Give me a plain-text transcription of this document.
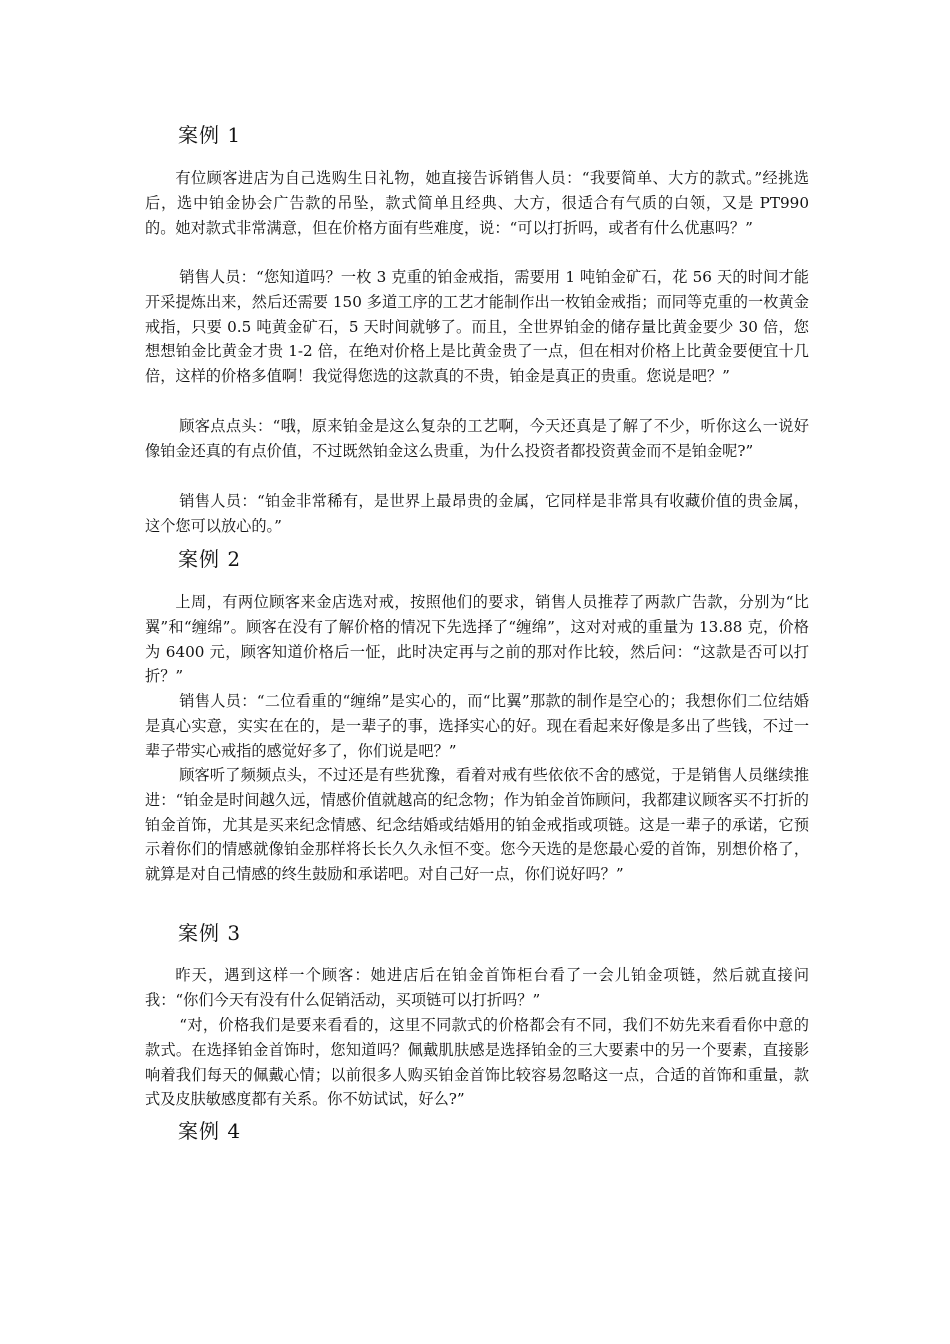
案例 1

有位顾客进店为自己选购生日礼物，她直接告诉销售人员：“我要简单、大方的款式。”经挑选后，选中铂金协会广告款的吊坠，款式简单且经典、大方，很适合有气质的白领，又是 PT990 的。她对款式非常满意，但在价格方面有些难度，说：“可以打折吗，或者有什么优惠吗？”

销售人员：“您知道吗？一枚 3 克重的铂金戒指，需要用 1 吨铂金矿石，花 56 天的时间才能开采提炼出来，然后还需要 150 多道工序的工艺才能制作出一枚铂金戒指；而同等克重的一枚黄金戒指，只要 0.5 吨黄金矿石，5 天时间就够了。而且，全世界铂金的储存量比黄金要少 30 倍，您想想铂金比黄金才贵 1-2 倍，在绝对价格上是比黄金贵了一点，但在相对价格上比黄金要便宜十几倍，这样的价格多值啊！我觉得您选的这款真的不贵，铂金是真正的贵重。您说是吧？”

顾客点点头：“哦，原来铂金是这么复杂的工艺啊，今天还真是了解了不少，听你这么一说好像铂金还真的有点价值，不过既然铂金这么贵重，为什么投资者都投资黄金而不是铂金呢?”

销售人员：“铂金非常稀有，是世界上最昂贵的金属，它同样是非常具有收藏价值的贵金属，这个您可以放心的。”

案例 2

上周，有两位顾客来金店选对戒，按照他们的要求，销售人员推荐了两款广告款，分别为“比翼”和“缠绵”。顾客在没有了解价格的情况下先选择了“缠绵”，这对对戒的重量为 13.88 克，价格为 6400 元，顾客知道价格后一怔，此时决定再与之前的那对作比较，然后问：“这款是否可以打折？”

销售人员：“二位看重的“缠绵”是实心的，而“比翼”那款的制作是空心的；我想你们二位结婚是真心实意，实实在在的，是一辈子的事，选择实心的好。现在看起来好像是多出了些钱，不过一辈子带实心戒指的感觉好多了，你们说是吧？”

顾客听了频频点头，不过还是有些犹豫，看着对戒有些依依不舍的感觉，于是销售人员继续推进：“铂金是时间越久远，情感价值就越高的纪念物；作为铂金首饰顾问，我都建议顾客买不打折的铂金首饰，尤其是买来纪念情感、纪念结婚或结婚用的铂金戒指或项链。这是一辈子的承诺，它预示着你们的情感就像铂金那样将长长久久永恒不变。您今天选的是您最心爱的首饰，别想价格了，就算是对自己情感的终生鼓励和承诺吧。对自己好一点，你们说好吗？”

案例 3

昨天，遇到这样一个顾客：她进店后在铂金首饰柜台看了一会儿铂金项链，然后就直接问我：“你们今天有没有什么促销活动，买项链可以打折吗？”

“对，价格我们是要来看看的，这里不同款式的价格都会有不同，我们不妨先来看看你中意的款式。在选择铂金首饰时，您知道吗？佩戴肌肤感是选择铂金的三大要素中的另一个要素，直接影响着我们每天的佩戴心情；以前很多人购买铂金首饰比较容易忽略这一点，合适的首饰和重量，款式及皮肤敏感度都有关系。你不妨试试，好么?”

案例 4
